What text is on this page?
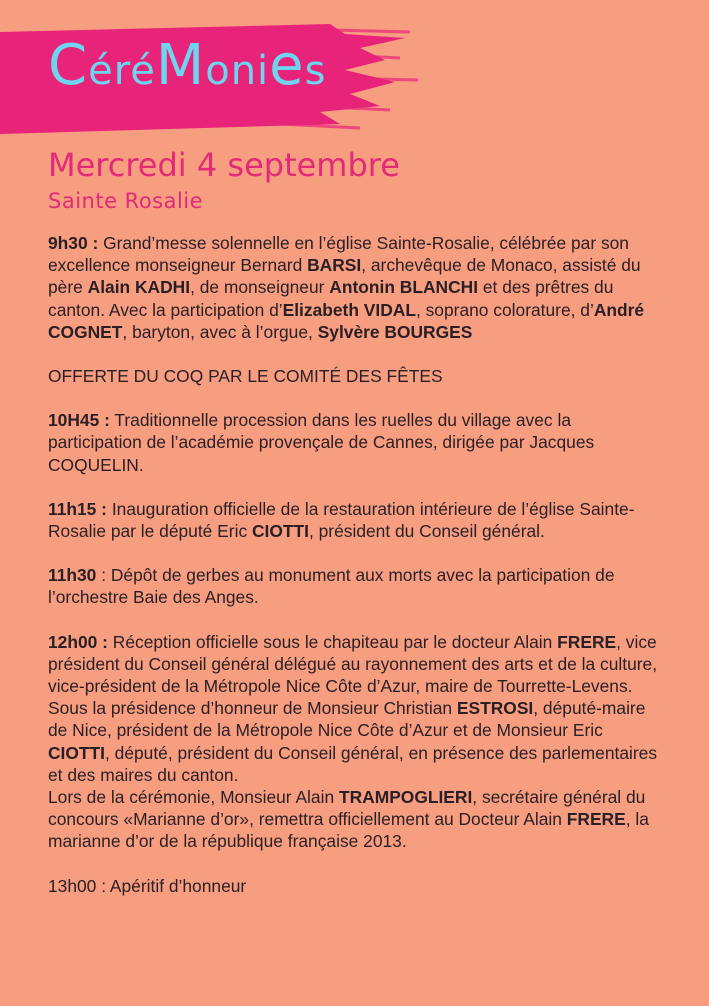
CéréMonies
Mercredi 4 septembre
Sainte Rosalie

9h30 : Grand’messe solennelle en l’église Sainte-Rosalie, célébrée par son excellence monseigneur Bernard BARSI, archevêque de Monaco, assisté du père Alain KADHI, de monseigneur Antonin BLANCHI et des prêtres du canton. Avec la participation d’Elizabeth VIDAL, soprano colorature, d’André COGNET, baryton, avec à l’orgue, Sylvère BOURGES

OFFERTE DU COQ PAR LE COMITÉ DES FÊTES

10H45 : Traditionnelle procession dans les ruelles du village avec la participation de l’académie provençale de Cannes, dirigée par Jacques COQUELIN.

11h15 : Inauguration officielle de la restauration intérieure de l’église Sainte-Rosalie par le député Eric CIOTTI, président du Conseil général.

11h30 : Dépôt de gerbes au monument aux morts avec la participation de l’orchestre Baie des Anges.

12h00 : Réception officielle sous le chapiteau par le docteur Alain FRERE, vice président du Conseil général délégué au rayonnement des arts et de la culture, vice-président de la Métropole Nice Côte d’Azur, maire de Tourrette-Levens.
Sous la présidence d’honneur de Monsieur Christian ESTROSI, député-maire de Nice, président de la Métropole Nice Côte d’Azur et de Monsieur Eric CIOTTI, député, président du Conseil général, en présence des parlementaires et des maires du canton.
Lors de la cérémonie, Monsieur Alain TRAMPOGLIERI, secrétaire général du concours «Marianne d’or», remettra officiellement au Docteur Alain FRERE, la marianne d’or de la république française 2013.

13h00 : Apéritif d’honneur
